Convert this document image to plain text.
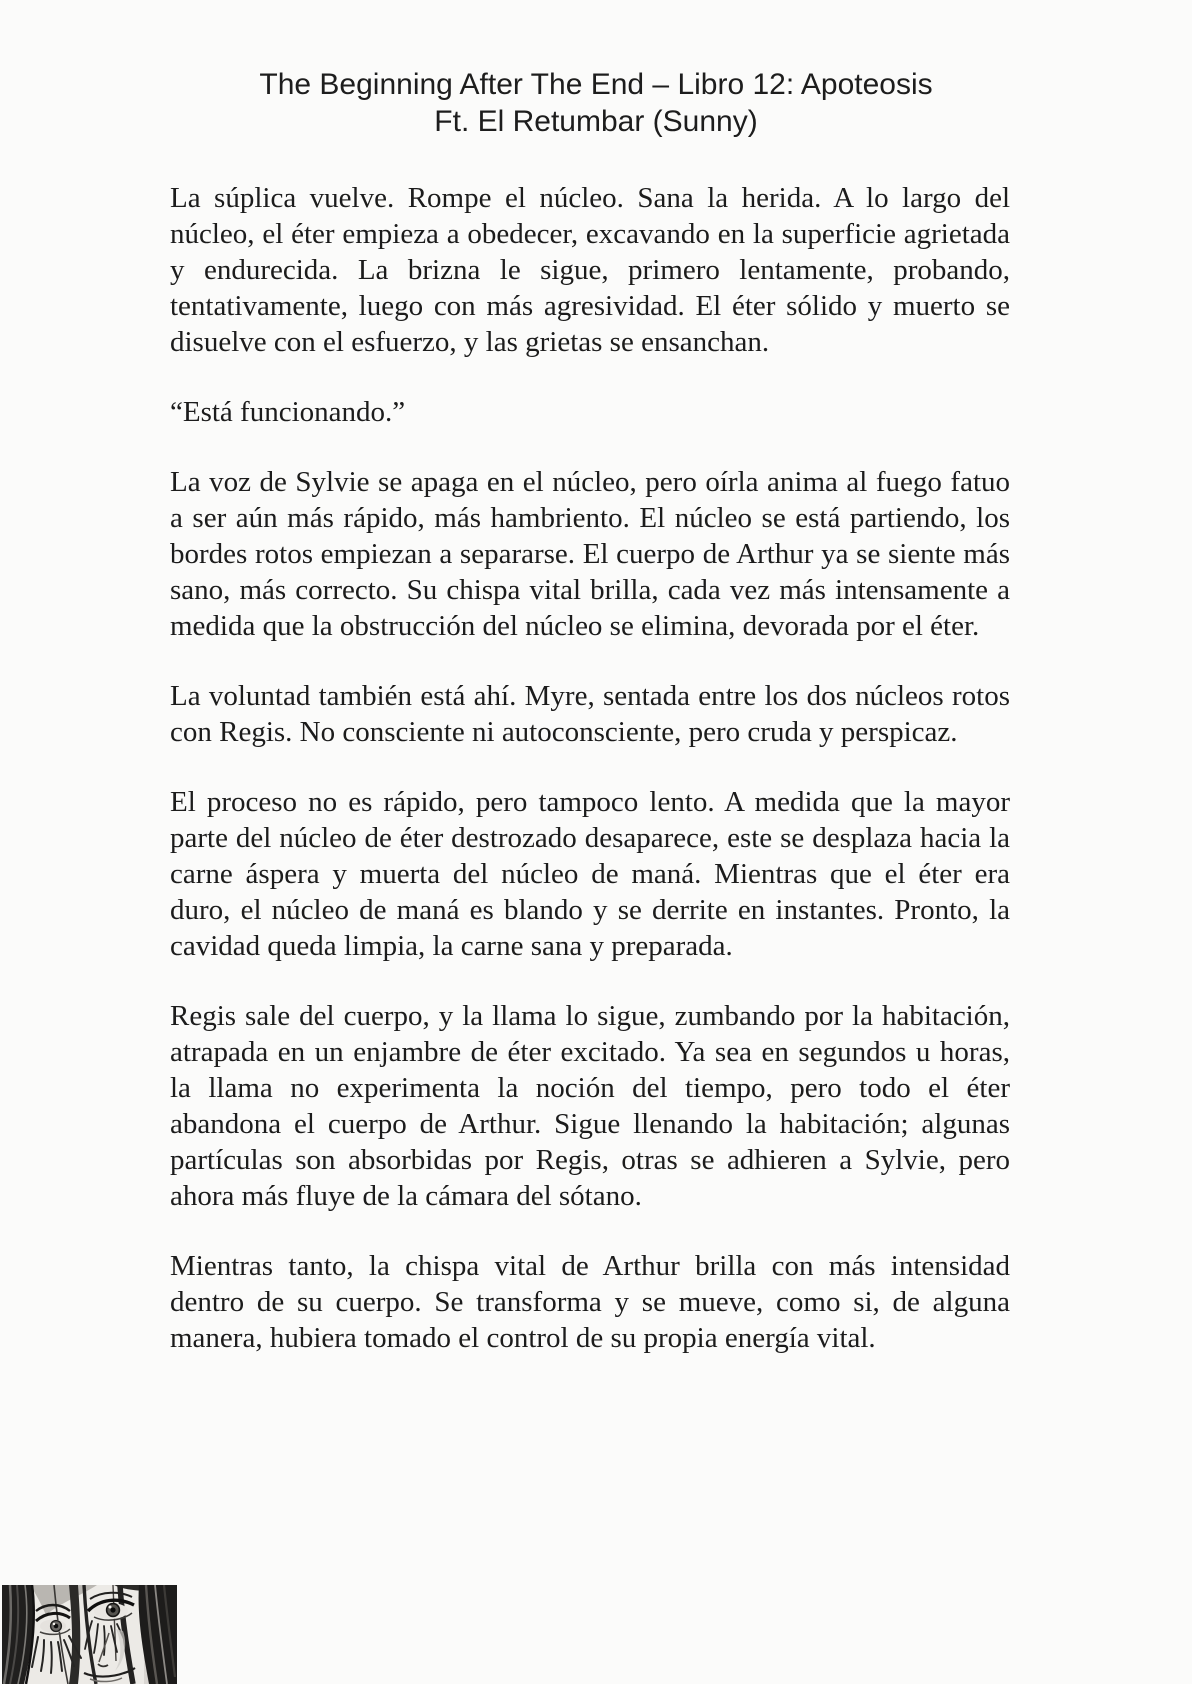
The Beginning After The End – Libro 12: Apoteosis
Ft. El Retumbar (Sunny)

La súplica vuelve. Rompe el núcleo. Sana la herida. A lo largo del núcleo, el éter empieza a obedecer, excavando en la superficie agrietada y endurecida. La brizna le sigue, primero lentamente, probando, tentativamente, luego con más agresividad. El éter sólido y muerto se disuelve con el esfuerzo, y las grietas se ensanchan.

“Está funcionando.”

La voz de Sylvie se apaga en el núcleo, pero oírla anima al fuego fatuo a ser aún más rápido, más hambriento. El núcleo se está partiendo, los bordes rotos empiezan a separarse. El cuerpo de Arthur ya se siente más sano, más correcto. Su chispa vital brilla, cada vez más intensamente a medida que la obstrucción del núcleo se elimina, devorada por el éter.

La voluntad también está ahí. Myre, sentada entre los dos núcleos rotos con Regis. No consciente ni autoconsciente, pero cruda y perspicaz.

El proceso no es rápido, pero tampoco lento. A medida que la mayor parte del núcleo de éter destrozado desaparece, este se desplaza hacia la carne áspera y muerta del núcleo de maná. Mientras que el éter era duro, el núcleo de maná es blando y se derrite en instantes. Pronto, la cavidad queda limpia, la carne sana y preparada.

Regis sale del cuerpo, y la llama lo sigue, zumbando por la habitación, atrapada en un enjambre de éter excitado. Ya sea en segundos u horas, la llama no experimenta la noción del tiempo, pero todo el éter abandona el cuerpo de Arthur. Sigue llenando la habitación; algunas partículas son absorbidas por Regis, otras se adhieren a Sylvie, pero ahora más fluye de la cámara del sótano.

Mientras tanto, la chispa vital de Arthur brilla con más intensidad dentro de su cuerpo. Se transforma y se mueve, como si, de alguna manera, hubiera tomado el control de su propia energía vital.
